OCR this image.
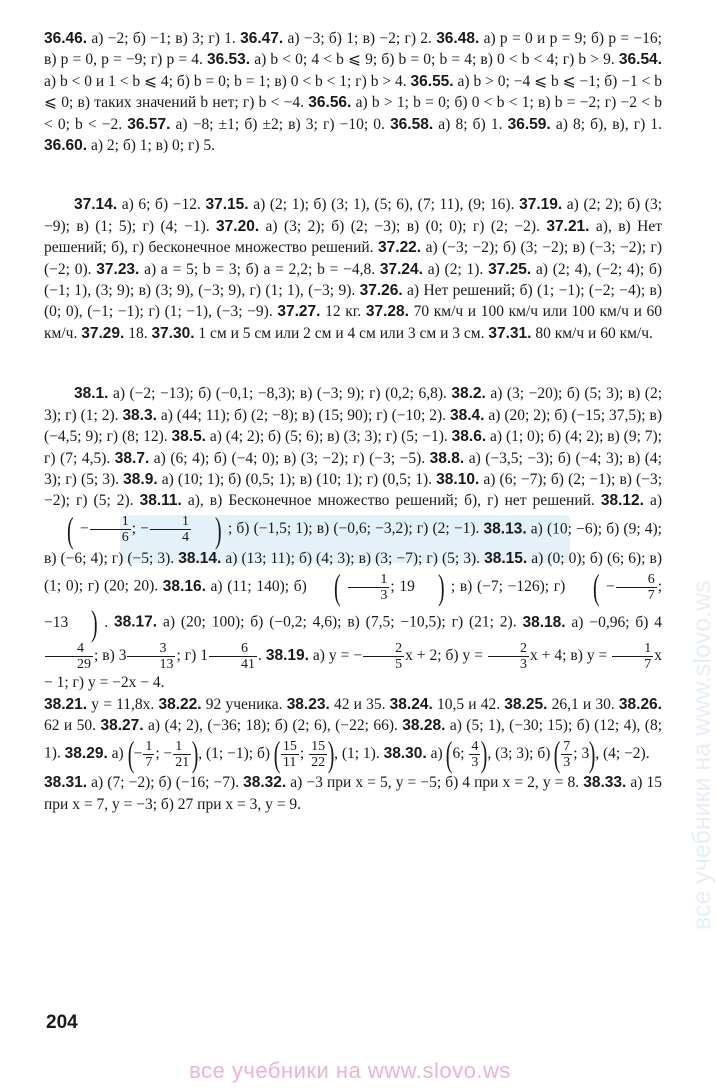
все учебники на www.slovo.ws

36.46. а) −2; б) −1; в) 3; г) 1. 36.47. а) −3; б) 1; в) −2; г) 2. 36.48. а) p = 0 и p = 9; б) p = −16; в) p = 0, p = −9; г) p = 4. 36.53. а) b < 0; 4 < b ⩽ 9; б) b = 0; b = 4; в) 0 < b < 4; г) b > 9. 36.54. а) b < 0 и 1 < b ⩽ 4; б) b = 0; b = 1; в) 0 < b < 1; г) b > 4. 36.55. а) b > 0; −4 ⩽ b ⩽ −1; б) −1 < b ⩽ 0; в) таких значений b нет; г) b < −4. 36.56. а) b > 1; b = 0; б) 0 < b < 1; в) b = −2; г) −2 < b < 0; b < −2. 36.57. а) −8; ±1; б) ±2; в) 3; г) −10; 0. 36.58. а) 8; б) 1. 36.59. а) 8; б), в), г) 1. 36.60. а) 2; б) 1; в) 0; г) 5.

37.14. а) 6; б) −12. 37.15. а) (2; 1); б) (3; 1), (5; 6), (7; 11), (9; 16). 37.19. а) (2; 2); б) (3; −9); в) (1; 5); г) (4; −1). 37.20. а) (3; 2); б) (2; −3); в) (0; 0); г) (2; −2). 37.21. а), в) Нет решений; б), г) бесконечное множество решений. 37.22. а) (−3; −2); б) (3; −2); в) (−3; −2); г) (−2; 0). 37.23. а) a = 5; b = 3; б) a = 2,2; b = −4,8. 37.24. а) (2; 1). 37.25. а) (2; 4), (−2; 4); б) (−1; 1), (3; 9); в) (3; 9), (−3; 9), г) (1; 1), (−3; 9). 37.26. а) Нет решений; б) (1; −1); (−2; −4); в) (0; 0), (−1; −1); г) (1; −1), (−3; −9). 37.27. 12 кг. 37.28. 70 км/ч и 100 км/ч или 100 км/ч и 60 км/ч. 37.29. 18. 37.30. 1 см и 5 см или 2 см и 4 см или 3 см и 3 см. 37.31. 80 км/ч и 60 км/ч.

38.1. а) (−2; −13); б) (−0,1; −8,3); в) (−3; 9); г) (0,2; 6,8). 38.2. а) (3; −20); б) (5; 3); в) (2; 3); г) (1; 2). 38.3. а) (44; 11); б) (2; −8); в) (15; 90); г) (−10; 2). 38.4. а) (20; 2); б) (−15; 37,5); в) (−4,5; 9); г) (8; 12). 38.5. а) (4; 2); б) (5; 6); в) (3; 3); г) (5; −1). 38.6. а) (1; 0); б) (4; 2); в) (9; 7); г) (7; 4,5). 38.7. а) (6; 4); б) (−4; 0); в) (3; −2); г) (−3; −5). 38.8. а) (−3,5; −3); б) (−4; 3); в) (4; 3); г) (5; 3). 38.9. а) (10; 1); б) (0,5; 1); в) (10; 1); г) (0,5; 1). 38.10. а) (6; −7); б) (2; −1); в) (−3; −2); г) (5; 2). 38.11. а), в) Бесконечное множество решений; б), г) нет решений. 38.12. а) ( − $\frac{1}{6}$ ; − $\frac{1}{4}$ ) ; б) (−1,5; 1); в) (−0,6; −3,2); г) (2; −1). 38.13. а) (10; −6); б) (9; 4); в) (−6; 4); г) (−5; 3). 38.14. а) (13; 11); б) (4; 3); в) (3; −7); г) (5; 3). 38.15. а) (0; 0); б) (6; 6); в) (1; 0); г) (20; 20). 38.16. а) (11; 140); б) ( $\frac{1}{3}$ ; 19 ) ; в) (−7; −126); г) ( − $\frac{6}{7}$ ; −13 ) . 38.17. а) (20; 100); б) (−0,2; 4,6); в) (7,5; −10,5); г) (21; 2). 38.18. а) −0,96; б) 4
$\frac{4}{29}$ ; в) $3 \frac{3}{13}$ ; г) $1 \frac{6}{41}$ . 38.19. а) y = − $\frac{2}{5}$ x + 2; б) $y = \frac{2}{3}$ x + 4; в) $y = \frac{1}{7}$ x − 1; г) y = −2x − 4.

38.21. y = 11,8x. 38.22. 92 ученика. 38.23. 42 и 35. 38.24. 10,5 и 42. 38.25. 26,1 и 30. 38.26. 62 и 50. 38.27. а) (4; 2), (−36; 18); б) (2; 6), (−22; 66). 38.28. а) (5; 1), (−30; 15); б) (12; 4), (8; 1). 38.29. а) (− $\frac{1}{7}$ ; − $\frac{1}{21}$ ), (1; −1); б) ( $\frac{15}{11}$ ; $\frac{15}{22}$ ), (1; 1). 38.30. а) (6; $\frac{4}{3}$ ), (3; 3); б) ( $\frac{7}{3}$ ; 3), (4; −2).

38.31. а) (7; −2); б) (−16; −7). 38.32. а) −3 при x = 5, y = −5; б) 4 при x = 2, y = 8. 38.33. а) 15 при x = 7, y = −3; б) 27 при x = 3, y = 9.

204
все учебники на www.slovo.ws
